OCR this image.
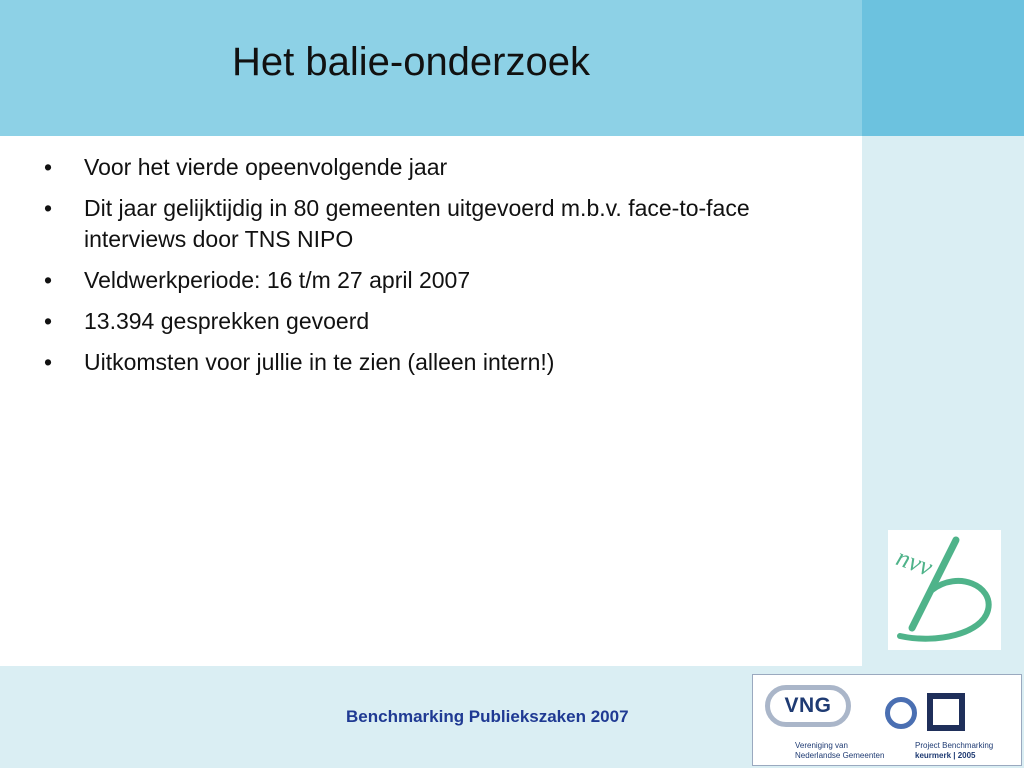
Het balie-onderzoek
• Voor het vierde opeenvolgende jaar
• Dit jaar gelijktijdig in 80 gemeenten uitgevoerd m.b.v. face-to-face interviews door TNS NIPO
• Veldwerkperiode: 16 t/m 27 april 2007
• 13.394 gesprekken gevoerd
• Uitkomsten voor jullie in te zien (alleen intern!)
nvv
Benchmarking Publiekszaken 2007	VNG
Vereniging van
Nederlandse Gemeenten
Project Benchmarking
keurmerk | 2005
